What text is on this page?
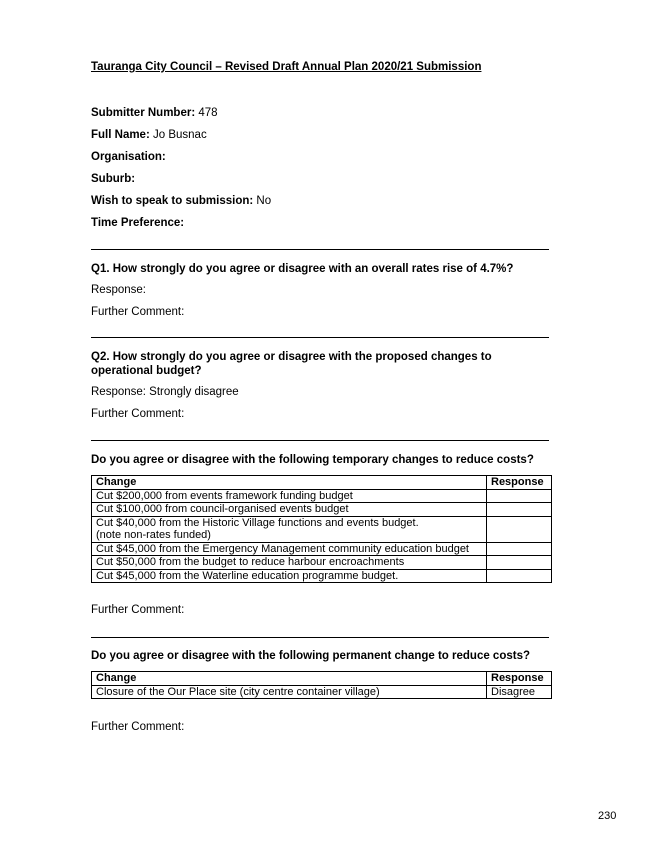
Tauranga City Council – Revised Draft Annual Plan 2020/21 Submission
Submitter Number: 478
Full Name: Jo Busnac
Organisation:
Suburb:
Wish to speak to submission: No
Time Preference:
Q1. How strongly do you agree or disagree with an overall rates rise of 4.7%?
Response:
Further Comment:
Q2. How strongly do you agree or disagree with the proposed changes to operational budget?
Response: Strongly disagree
Further Comment:
Do you agree or disagree with the following temporary changes to reduce costs?
Change	Response
Cut $200,000 from events framework funding budget	
Cut $100,000 from council-organised events budget	

Cut $40,000 from the Historic Village functions and events budget.
(note non-rates funded)	

Cut $45,000 from the Emergency Management community education budget	
Cut $50,000 from the budget to reduce harbour encroachments	
Cut $45,000 from the Waterline education programme budget.	
Further Comment:
Do you agree or disagree with the following permanent change to reduce costs?
Change	Response
Closure of the Our Place site (city centre container village)	Disagree
Further Comment:
230
